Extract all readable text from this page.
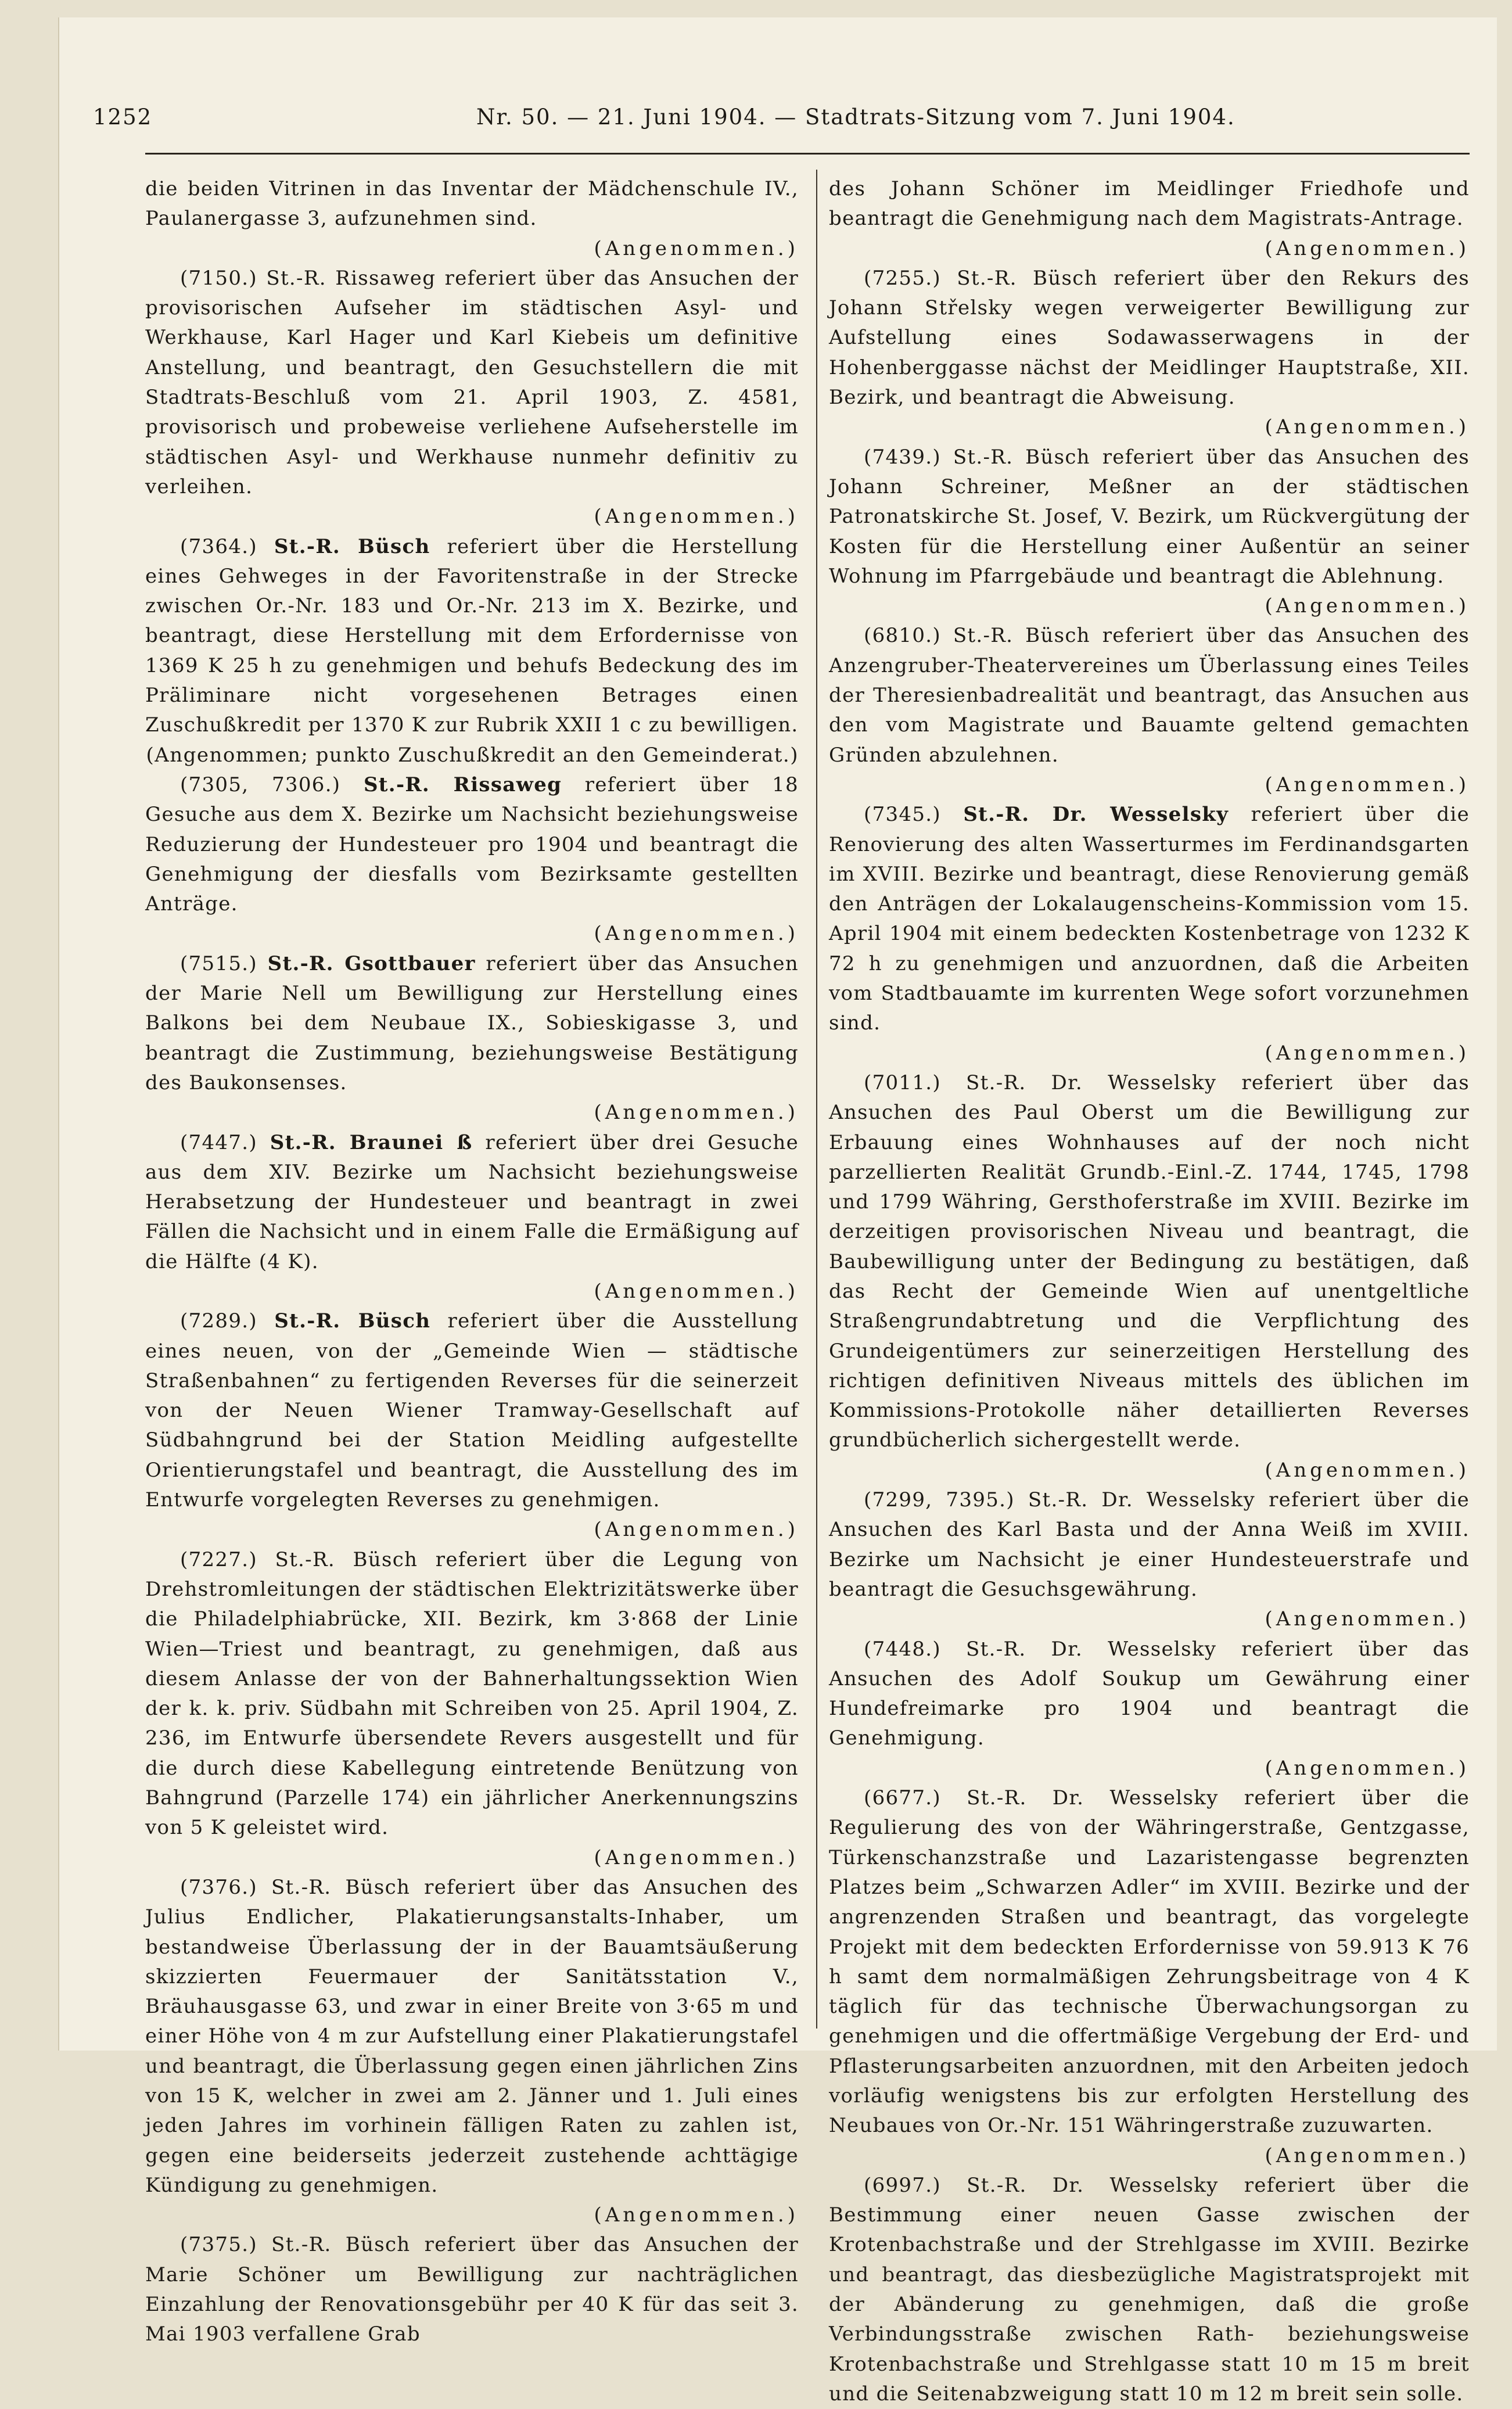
1252	Nr. 50. — 21. Juni 1904. — Stadtrats-Sitzung vom 7. Juni 1904.

die beiden Vitrinen in das Inventar der Mädchenschule IV., Paulanergasse 3, aufzunehmen sind.

(Angenommen.)

(7150.) St.-R. Rissaweg referiert über das Ansuchen der provisorischen Aufseher im städtischen Asyl- und Werkhause, Karl Hager und Karl Kiebeis um definitive Anstellung, und beantragt, den Gesuchstellern die mit Stadtrats-Beschluß vom 21. April 1903, Z. 4581, provisorisch und probeweise verliehene Aufseherstelle im städtischen Asyl- und Werkhause nunmehr definitiv zu verleihen.

(Angenommen.)

(7364.) St.-R. Büsch referiert über die Herstellung eines Gehweges in der Favoritenstraße in der Strecke zwischen Or.-Nr. 183 und Or.-Nr. 213 im X. Bezirke, und beantragt, diese Herstellung mit dem Erfordernisse von 1369 K 25 h zu genehmigen und behufs Bedeckung des im Präliminare nicht vorgesehenen Betrages einen Zuschußkredit per 1370 K zur Rubrik XXII 1 c zu bewilligen.

(Angenommen; punkto Zuschußkredit an den Gemeinderat.)

(7305, 7306.) St.-R. Rissaweg referiert über 18 Gesuche aus dem X. Bezirke um Nachsicht beziehungsweise Reduzierung der Hundesteuer pro 1904 und beantragt die Genehmigung der diesfalls vom Bezirksamte gestellten Anträge.

(Angenommen.)

(7515.) St.-R. Gsottbauer referiert über das Ansuchen der Marie Nell um Bewilligung zur Herstellung eines Balkons bei dem Neubaue IX., Sobieskigasse 3, und beantragt die Zustimmung, beziehungsweise Bestätigung des Baukonsenses.

(Angenommen.)

(7447.) St.-R. Braunei ß referiert über drei Gesuche aus dem XIV. Bezirke um Nachsicht beziehungsweise Herabsetzung der Hundesteuer und beantragt in zwei Fällen die Nachsicht und in einem Falle die Ermäßigung auf die Hälfte (4 K).

(Angenommen.)

(7289.) St.-R. Büsch referiert über die Ausstellung eines neuen, von der „Gemeinde Wien — städtische Straßenbahnen“ zu fertigenden Reverses für die seinerzeit von der Neuen Wiener Tramway-Gesellschaft auf Südbahngrund bei der Station Meidling aufgestellte Orientierungstafel und beantragt, die Ausstellung des im Entwurfe vorgelegten Reverses zu genehmigen.

(Angenommen.)

(7227.) St.-R. Büsch referiert über die Legung von Drehstromleitungen der städtischen Elektrizitätswerke über die Philadelphiabrücke, XII. Bezirk, km 3·868 der Linie Wien—Triest und beantragt, zu genehmigen, daß aus diesem Anlasse der von der Bahnerhaltungssektion Wien der k. k. priv. Südbahn mit Schreiben von 25. April 1904, Z. 236, im Entwurfe übersendete Revers ausgestellt und für die durch diese Kabellegung eintretende Benützung von Bahngrund (Parzelle 174) ein jährlicher Anerkennungszins von 5 K geleistet wird.

(Angenommen.)

(7376.) St.-R. Büsch referiert über das Ansuchen des Julius Endlicher, Plakatierungsanstalts-Inhaber, um bestandweise Überlassung der in der Bauamtsäußerung skizzierten Feuermauer der Sanitätsstation V., Bräuhausgasse 63, und zwar in einer Breite von 3·65 m und einer Höhe von 4 m zur Aufstellung einer Plakatierungstafel und beantragt, die Überlassung gegen einen jährlichen Zins von 15 K, welcher in zwei am 2. Jänner und 1. Juli eines jeden Jahres im vorhinein fälligen Raten zu zahlen ist, gegen eine beiderseits jederzeit zustehende achttägige Kündigung zu genehmigen.

(Angenommen.)

(7375.) St.-R. Büsch referiert über das Ansuchen der Marie Schöner um Bewilligung zur nachträglichen Einzahlung der Renovationsgebühr per 40 K für das seit 3. Mai 1903 verfallene Grab

des Johann Schöner im Meidlinger Friedhofe und beantragt die Genehmigung nach dem Magistrats-Antrage.

(Angenommen.)

(7255.) St.-R. Büsch referiert über den Rekurs des Johann Střelsky wegen verweigerter Bewilligung zur Aufstellung eines Sodawasserwagens in der Hohenberggasse nächst der Meidlinger Hauptstraße, XII. Bezirk, und beantragt die Abweisung.

(Angenommen.)

(7439.) St.-R. Büsch referiert über das Ansuchen des Johann Schreiner, Meßner an der städtischen Patronatskirche St. Josef, V. Bezirk, um Rückvergütung der Kosten für die Herstellung einer Außentür an seiner Wohnung im Pfarrgebäude und beantragt die Ablehnung.

(Angenommen.)

(6810.) St.-R. Büsch referiert über das Ansuchen des Anzengruber-Theatervereines um Überlassung eines Teiles der Theresienbadrealität und beantragt, das Ansuchen aus den vom Magistrate und Bauamte geltend gemachten Gründen abzulehnen.

(Angenommen.)

(7345.) St.-R. Dr. Wesselsky referiert über die Renovierung des alten Wasserturmes im Ferdinandsgarten im XVIII. Bezirke und beantragt, diese Renovierung gemäß den Anträgen der Lokalaugenscheins-Kommission vom 15. April 1904 mit einem bedeckten Kostenbetrage von 1232 K 72 h zu genehmigen und anzuordnen, daß die Arbeiten vom Stadtbauamte im kurrenten Wege sofort vorzunehmen sind.

(Angenommen.)

(7011.) St.-R. Dr. Wesselsky referiert über das Ansuchen des Paul Oberst um die Bewilligung zur Erbauung eines Wohnhauses auf der noch nicht parzellierten Realität Grundb.-Einl.-Z. 1744, 1745, 1798 und 1799 Währing, Gersthoferstraße im XVIII. Bezirke im derzeitigen provisorischen Niveau und beantragt, die Baubewilligung unter der Bedingung zu bestätigen, daß das Recht der Gemeinde Wien auf unentgeltliche Straßengrundabtretung und die Verpflichtung des Grundeigentümers zur seinerzeitigen Herstellung des richtigen definitiven Niveaus mittels des üblichen im Kommissions-Protokolle näher detaillierten Reverses grundbücherlich sichergestellt werde.

(Angenommen.)

(7299, 7395.) St.-R. Dr. Wesselsky referiert über die Ansuchen des Karl Basta und der Anna Weiß im XVIII. Bezirke um Nachsicht je einer Hundesteuerstrafe und beantragt die Gesuchsgewährung.

(Angenommen.)

(7448.) St.-R. Dr. Wesselsky referiert über das Ansuchen des Adolf Soukup um Gewährung einer Hundefreimarke pro 1904 und beantragt die Genehmigung.

(Angenommen.)

(6677.) St.-R. Dr. Wesselsky referiert über die Regulierung des von der Währingerstraße, Gentzgasse, Türkenschanzstraße und Lazaristengasse begrenzten Platzes beim „Schwarzen Adler“ im XVIII. Bezirke und der angrenzenden Straßen und beantragt, das vorgelegte Projekt mit dem bedeckten Erfordernisse von 59.913 K 76 h samt dem normalmäßigen Zehrungsbeitrage von 4 K täglich für das technische Überwachungsorgan zu genehmigen und die offertmäßige Vergebung der Erd- und Pflasterungsarbeiten anzuordnen, mit den Arbeiten jedoch vorläufig wenigstens bis zur erfolgten Herstellung des Neubaues von Or.-Nr. 151 Währingerstraße zuzuwarten.

(Angenommen.)

(6997.) St.-R. Dr. Wesselsky referiert über die Bestimmung einer neuen Gasse zwischen der Krotenbachstraße und der Strehlgasse im XVIII. Bezirke und beantragt, das diesbezügliche Magistratsprojekt mit der Abänderung zu genehmigen, daß die große Verbindungsstraße zwischen Rath- beziehungsweise Krotenbachstraße und Strehlgasse statt 10 m 15 m breit und die Seitenabzweigung statt 10 m 12 m breit sein solle.
